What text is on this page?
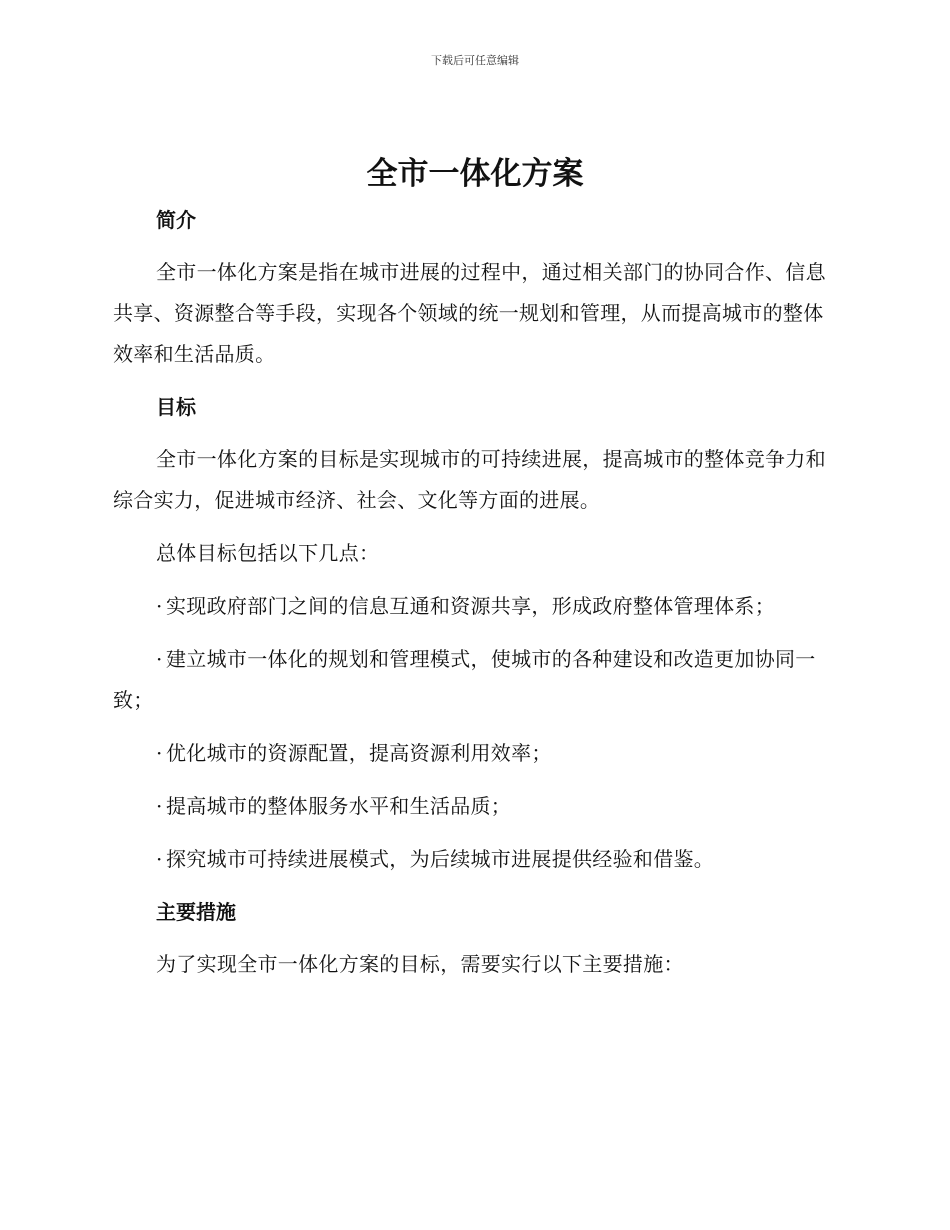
下载后可任意编辑
全市一体化方案
简介

全市一体化方案是指在城市进展的过程中，通过相关部门的协同合作、信息共享、资源整合等手段，实现各个领域的统一规划和管理，从而提高城市的整体效率和生活品质。

目标

全市一体化方案的目标是实现城市的可持续进展，提高城市的整体竞争力和综合实力，促进城市经济、社会、文化等方面的进展。

总体目标包括以下几点：

· 实现政府部门之间的信息互通和资源共享，形成政府整体管理体系；

· 建立城市一体化的规划和管理模式，使城市的各种建设和改造更加协同一致；

· 优化城市的资源配置，提高资源利用效率；

· 提高城市的整体服务水平和生活品质；

· 探究城市可持续进展模式，为后续城市进展提供经验和借鉴。

主要措施

为了实现全市一体化方案的目标，需要实行以下主要措施：
